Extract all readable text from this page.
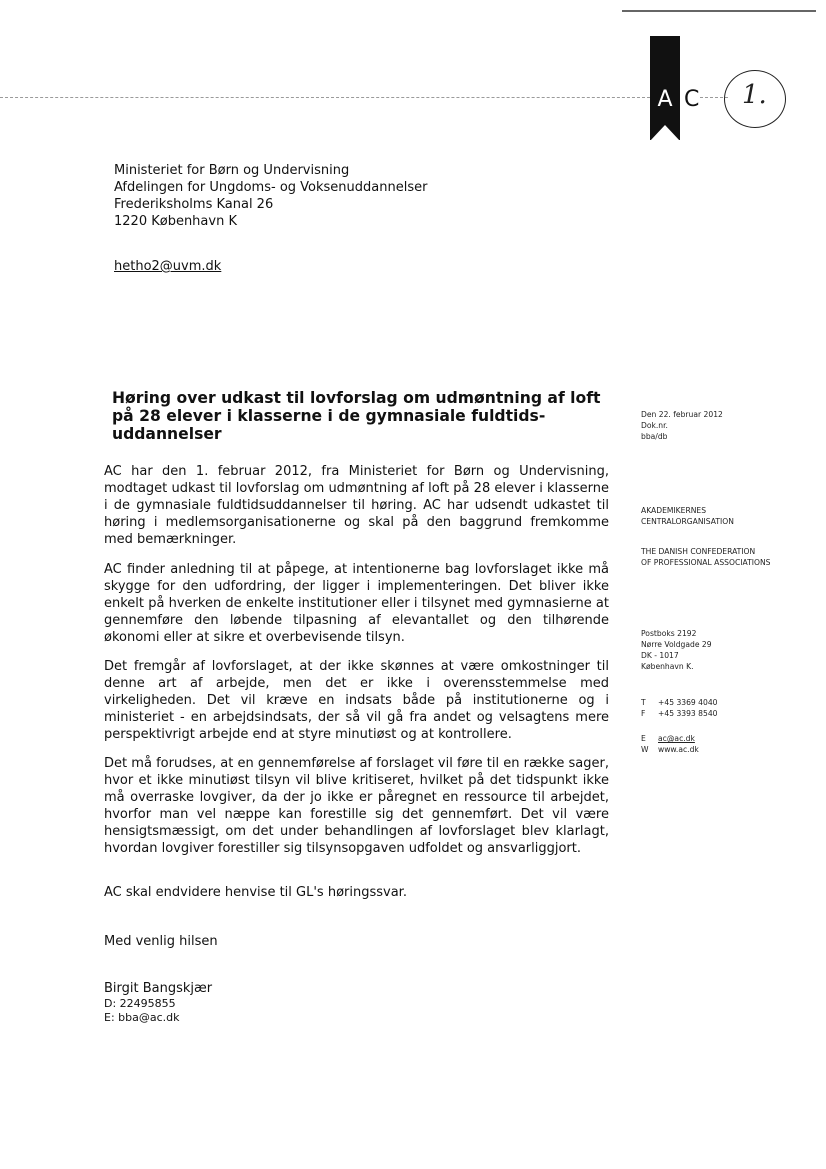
A C 1.
Ministeriet for Børn og Undervisning
Afdelingen for Ungdoms- og Voksenuddannelser
Frederiksholms Kanal 26
1220 København K
hetho2@uvm.dk
Høring over udkast til lovforslag om udmøntning af loft på 28 elever i klasserne i de gymnasiale fuldtids-uddannelser

AC har den 1. februar 2012, fra Ministeriet for Børn og Undervisning, modtaget udkast til lovforslag om udmøntning af loft på 28 elever i klasserne i de gymnasiale fuldtidsuddannelser til høring. AC har udsendt udkastet til høring i medlemsorganisationerne og skal på den baggrund fremkomme med bemærkninger.

AC finder anledning til at påpege, at intentionerne bag lovforslaget ikke må skygge for den udfordring, der ligger i implementeringen. Det bliver ikke enkelt på hverken de enkelte institutioner eller i tilsynet med gymnasierne at gennemføre den løbende tilpasning af elevantallet og den tilhørende økonomi eller at sikre et overbevisende tilsyn.

Det fremgår af lovforslaget, at der ikke skønnes at være omkostninger til denne art af arbejde, men det er ikke i overensstemmelse med virkeligheden. Det vil kræve en indsats både på institutionerne og i ministeriet - en arbejdsindsats, der så vil gå fra andet og velsagtens mere perspektivrigt arbejde end at styre minutiøst og at kontrollere.

Det må forudses, at en gennemførelse af forslaget vil føre til en række sager, hvor et ikke minutiøst tilsyn vil blive kritiseret, hvilket på det tidspunkt ikke må overraske lovgiver, da der jo ikke er påregnet en ressource til arbejdet, hvorfor man vel næppe kan forestille sig det gennemført. Det vil være hensigtsmæssigt, om det under behandlingen af lovforslaget blev klarlagt, hvordan lovgiver forestiller sig tilsynsopgaven udfoldet og ansvarliggjort.

AC skal endvidere henvise til GL's høringssvar.

Med venlig hilsen
Birgit Bangskjær
D: 22495855
E: bba@ac.dk
Den 22. februar 2012
Dok.nr.
bba/db
AKADEMIKERNES
CENTRALORGANISATION
THE DANISH CONFEDERATION
OF PROFESSIONAL ASSOCIATIONS
Postboks 2192
Nørre Voldgade 29
DK - 1017
København K.
T	+45 3369 4040
F	+45 3393 8540
E	ac@ac.dk
W	www.ac.dk
